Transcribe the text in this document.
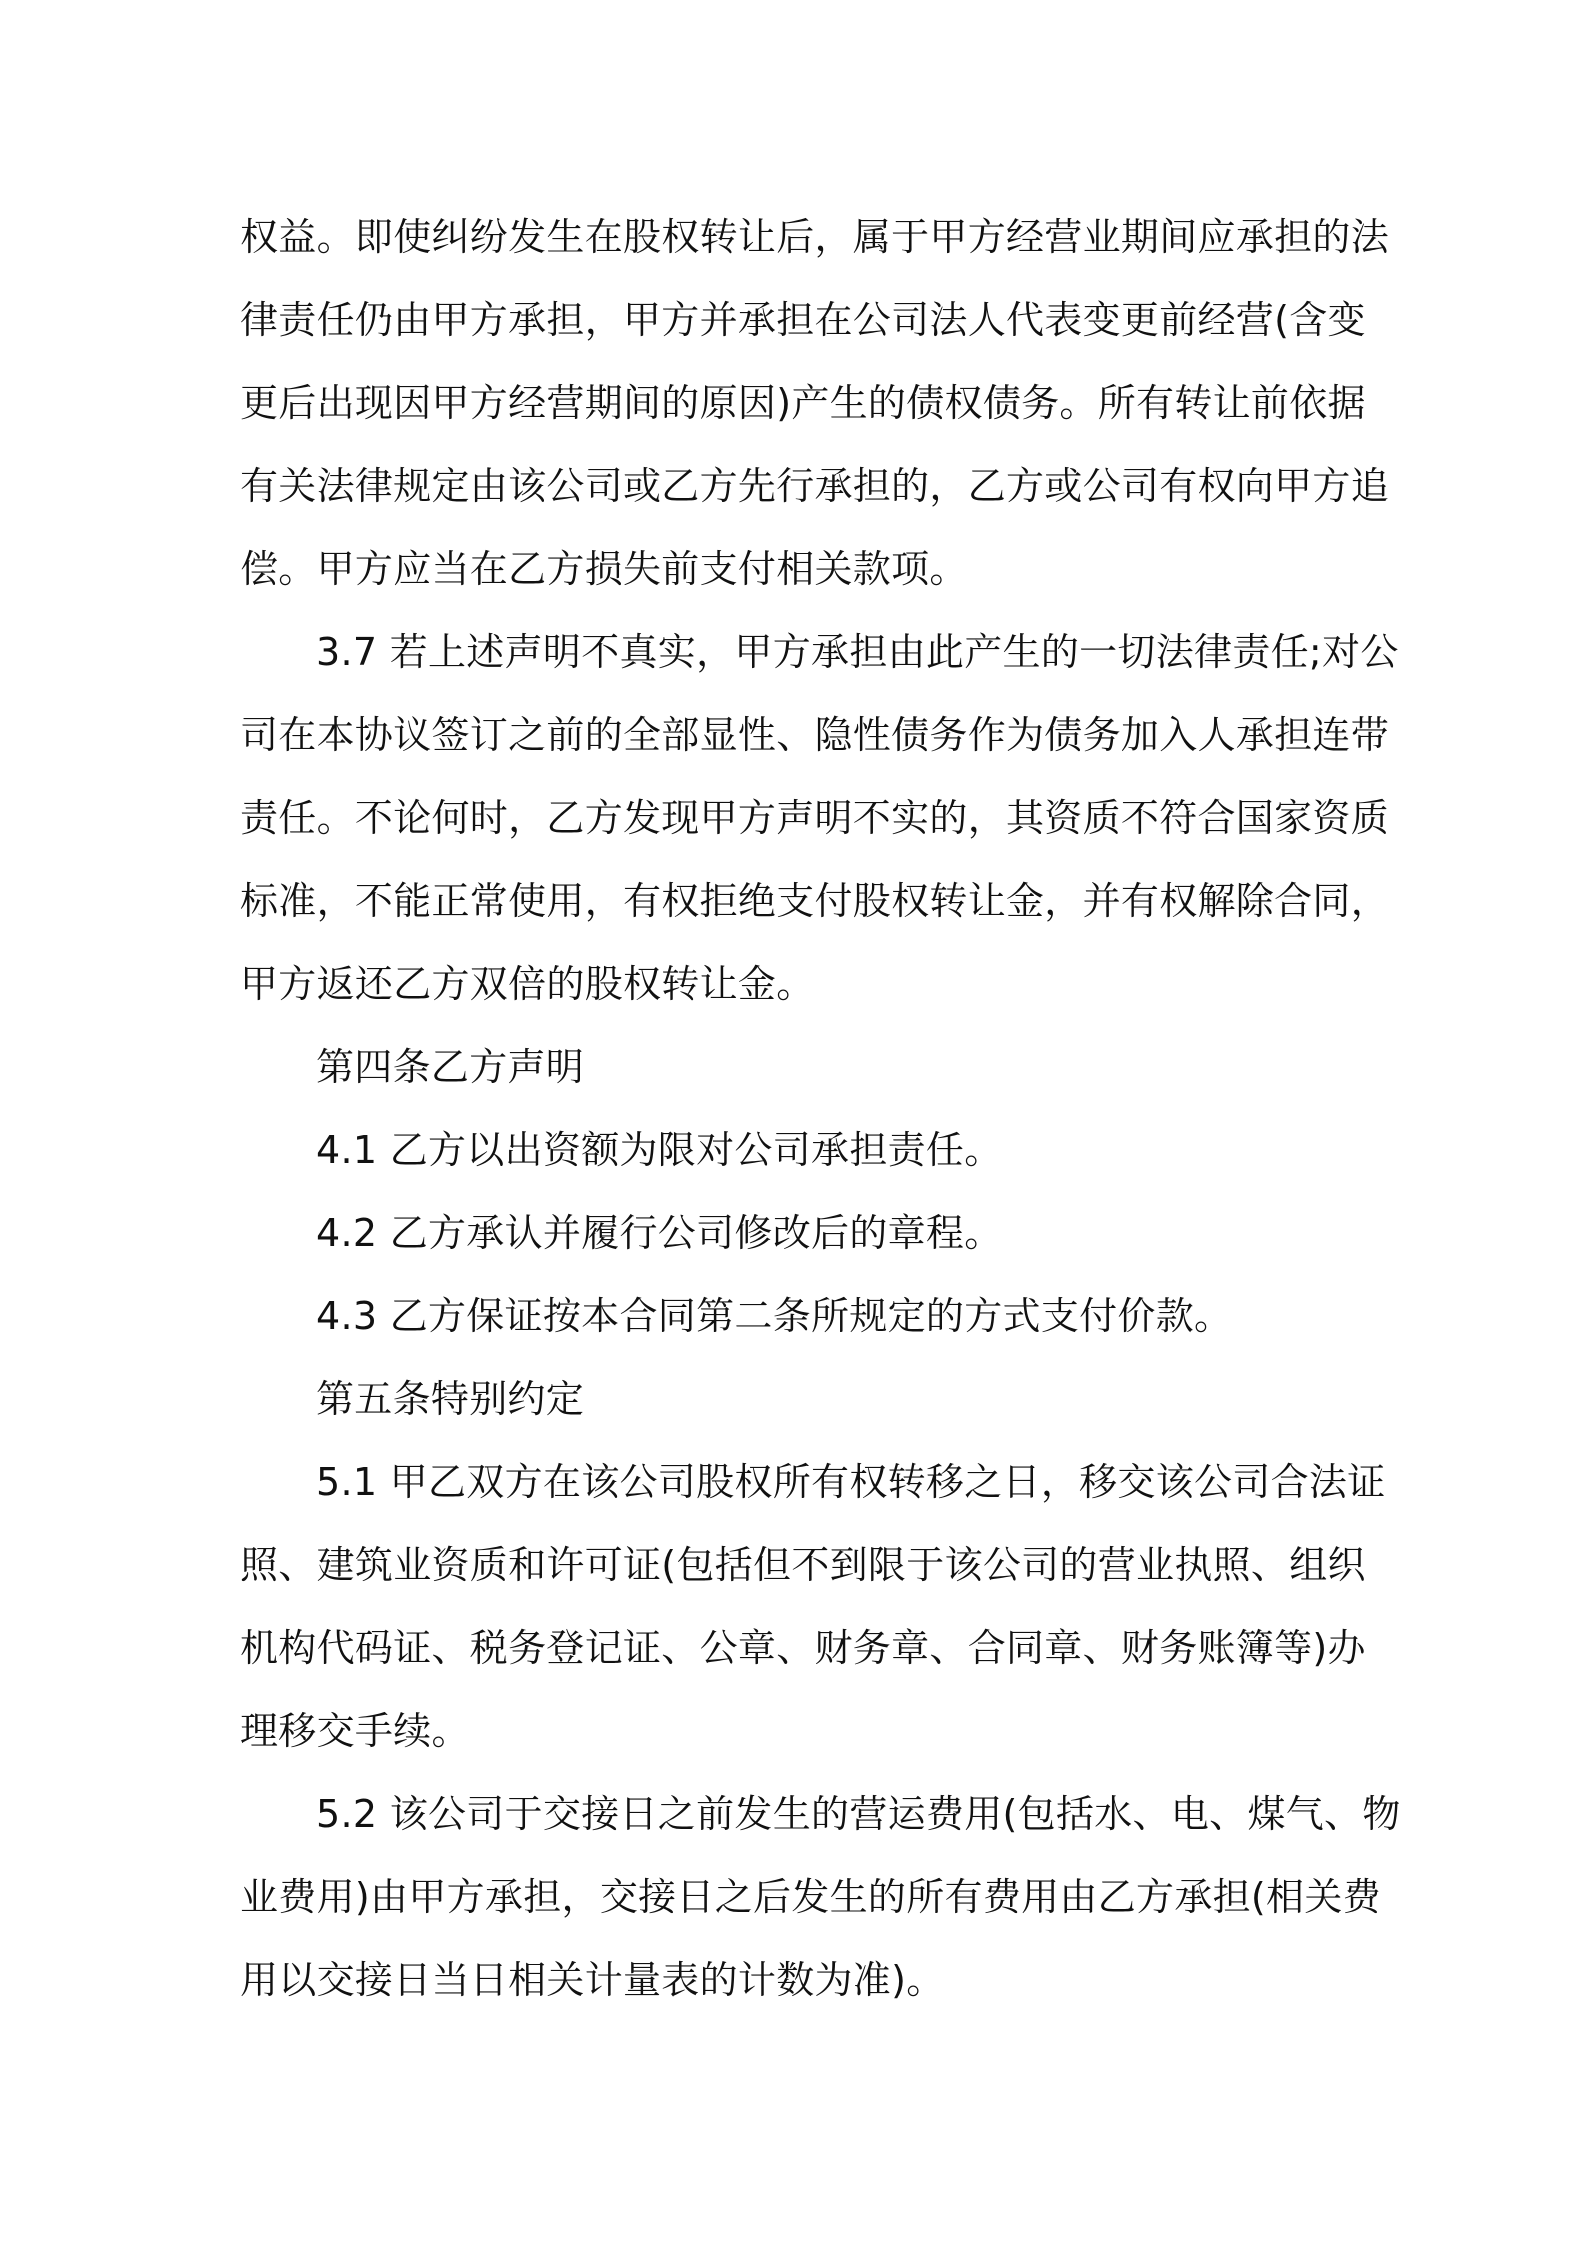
权益。即使纠纷发生在股权转让后，属于甲方经营业期间应承担的法
律责任仍由甲方承担，甲方并承担在公司法人代表变更前经营(含变
更后出现因甲方经营期间的原因)产生的债权债务。所有转让前依据
有关法律规定由该公司或乙方先行承担的，乙方或公司有权向甲方追
偿。甲方应当在乙方损失前支付相关款项。

3.7 若上述声明不真实，甲方承担由此产生的一切法律责任;对公
司在本协议签订之前的全部显性、隐性债务作为债务加入人承担连带
责任。不论何时，乙方发现甲方声明不实的，其资质不符合国家资质
标准，不能正常使用，有权拒绝支付股权转让金，并有权解除合同，
甲方返还乙方双倍的股权转让金。

第四条乙方声明

4.1 乙方以出资额为限对公司承担责任。

4.2 乙方承认并履行公司修改后的章程。

4.3 乙方保证按本合同第二条所规定的方式支付价款。

第五条特别约定

5.1 甲乙双方在该公司股权所有权转移之日，移交该公司合法证
照、建筑业资质和许可证(包括但不到限于该公司的营业执照、组织
机构代码证、税务登记证、公章、财务章、合同章、财务账簿等)办
理移交手续。

5.2 该公司于交接日之前发生的营运费用(包括水、电、煤气、物
业费用)由甲方承担，交接日之后发生的所有费用由乙方承担(相关费
用以交接日当日相关计量表的计数为准)。
